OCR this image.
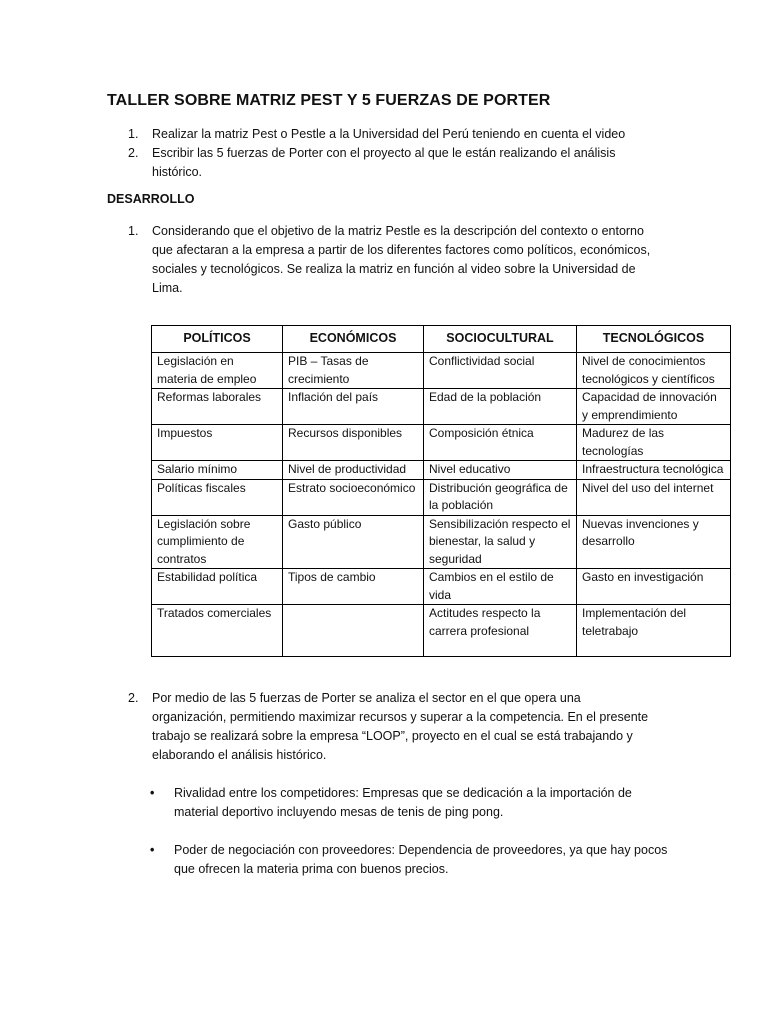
TALLER SOBRE MATRIZ PEST Y 5 FUERZAS DE PORTER
1. Realizar la matriz Pest o Pestle a la Universidad del Perú teniendo en cuenta el video
2. Escribir las 5 fuerzas de Porter con el proyecto al que le están realizando el análisis histórico.
DESARROLLO
1. Considerando que el objetivo de la matriz Pestle es la descripción del contexto o entorno que afectaran a la empresa a partir de los diferentes factores como políticos, económicos, sociales y tecnológicos. Se realiza la matriz en función al video sobre la Universidad de Lima.
POLÍTICOS	ECONÓMICOS	SOCIOCULTURAL	TECNOLÓGICOS
Legislación en materia de empleo	PIB – Tasas de crecimiento	Conflictividad social	Nivel de conocimientos tecnológicos y científicos
Reformas laborales	Inflación del país	Edad de la población	Capacidad de innovación y emprendimiento
Impuestos	Recursos disponibles	Composición étnica	Madurez de las tecnologías
Salario mínimo	Nivel de productividad	Nivel educativo	Infraestructura tecnológica
Políticas fiscales	Estrato socioeconómico	Distribución geográfica de la población	Nivel del uso del internet
Legislación sobre cumplimiento de contratos	Gasto público	Sensibilización respecto el bienestar, la salud y seguridad	Nuevas invenciones y desarrollo
Estabilidad política	Tipos de cambio	Cambios en el estilo de vida	Gasto en investigación
Tratados comerciales		Actitudes respecto la carrera profesional	Implementación del teletrabajo
2. Por medio de las 5 fuerzas de Porter se analiza el sector en el que opera una organización, permitiendo maximizar recursos y superar a la competencia. En el presente trabajo se realizará sobre la empresa “LOOP”, proyecto en el cual se está trabajando y elaborando el análisis histórico.
• Rivalidad entre los competidores: Empresas que se dedicación a la importación de material deportivo incluyendo mesas de tenis de ping pong.
• Poder de negociación con proveedores: Dependencia de proveedores, ya que hay pocos que ofrecen la materia prima con buenos precios.
